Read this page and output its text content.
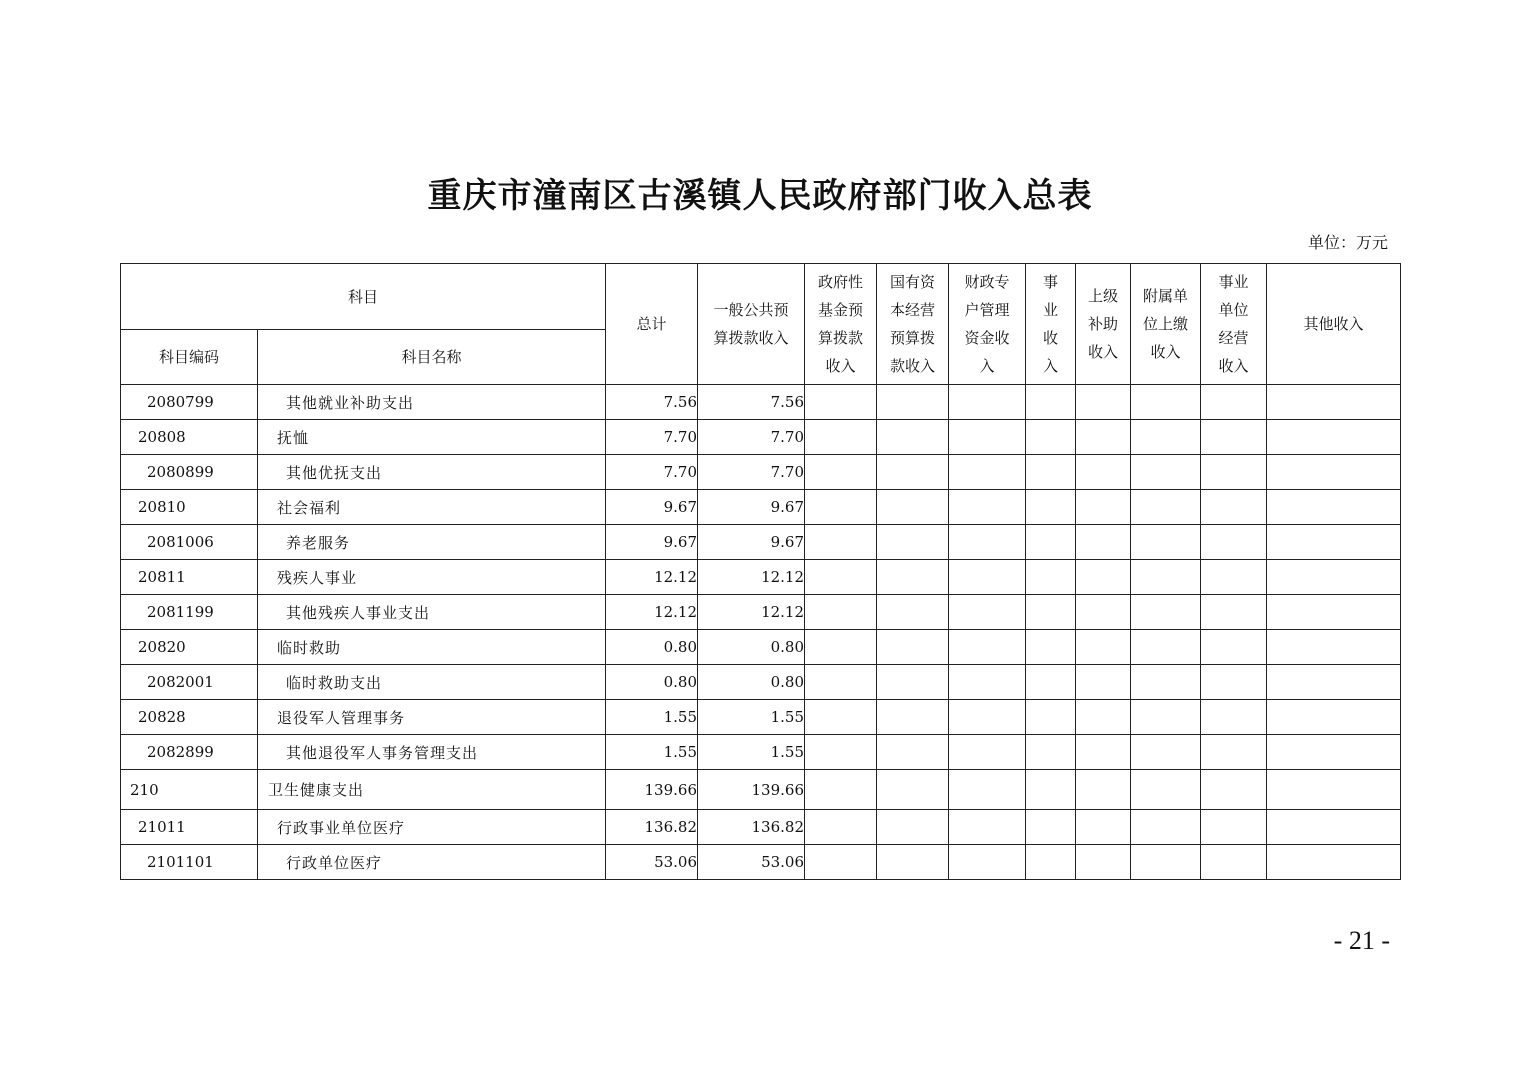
重庆市潼南区古溪镇人民政府部门收入总表
单位：万元
科目		总计	一般公共预算拨款收入	政府性基金预算拨款收入	国有资本经营预算拨款收入	财政专户管理资金收入	事业收入	上级补助收入	附属单位上缴收入	事业单位经营收入	其他收入
科目编码	科目名称										
2080799	其他就业补助支出	7.56	7.56								
20808	抚恤	7.70	7.70								
2080899	其他优抚支出	7.70	7.70								
20810	社会福利	9.67	9.67								
2081006	养老服务	9.67	9.67								
20811	残疾人事业	12.12	12.12								
2081199	其他残疾人事业支出	12.12	12.12								
20820	临时救助	0.80	0.80								
2082001	临时救助支出	0.80	0.80								
20828	退役军人管理事务	1.55	1.55								
2082899	其他退役军人事务管理支出	1.55	1.55								
210	卫生健康支出	139.66	139.66								
21011	行政事业单位医疗	136.82	136.82								
2101101	行政单位医疗	53.06	53.06								
- 21 -
